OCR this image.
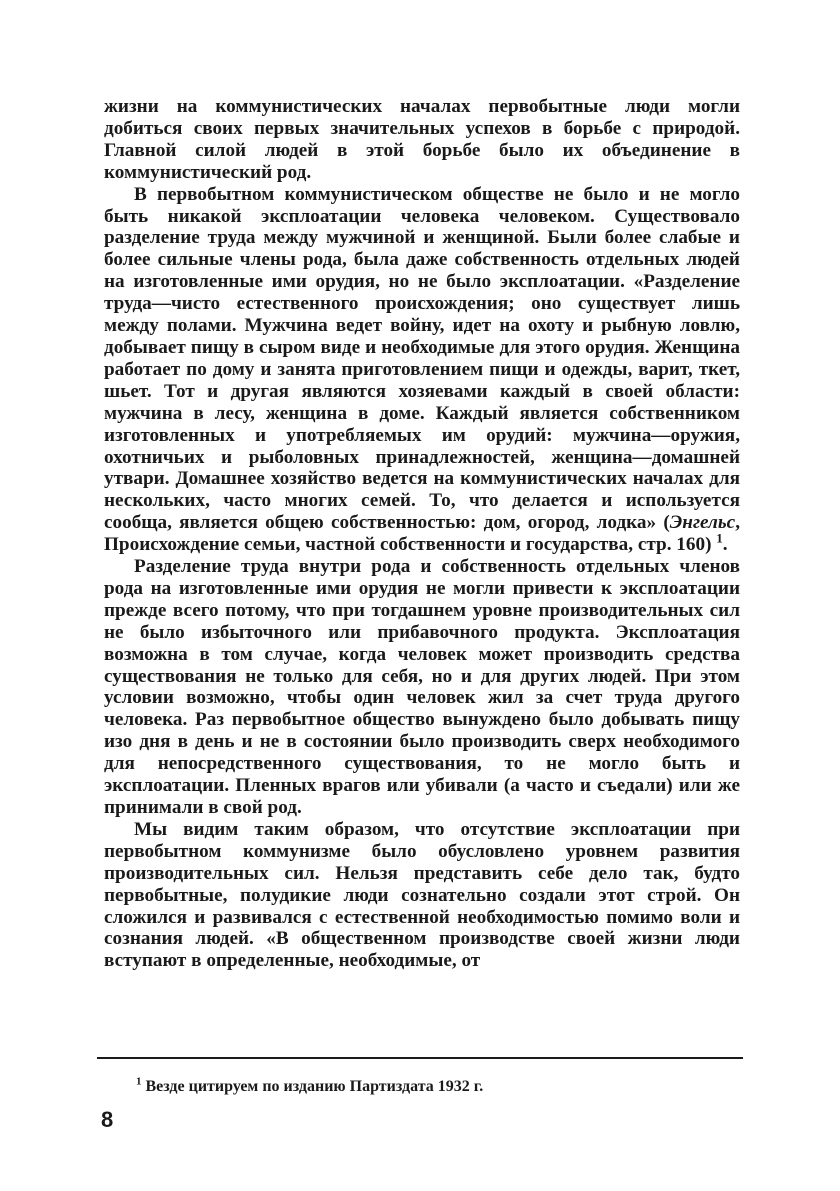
жизни на коммунистических началах первобытные люди могли добиться своих первых значительных успехов в борьбе с природой. Главной силой людей в этой борьбе было их объединение в коммунистический род.

В первобытном коммунистическом обществе не было и не могло быть никакой эксплоатации человека человеком. Существовало разделение труда между мужчиной и женщиной. Были более слабые и более сильные члены рода, была даже собственность отдельных людей на изготовленные ими орудия, но не было эксплоатации. «Разделение труда—чисто естественного происхождения; оно существует лишь между полами. Мужчина ведет войну, идет на охоту и рыбную ловлю, добывает пищу в сыром виде и необходимые для этого орудия. Женщина работает по дому и занята приготовлением пищи и одежды, варит, ткет, шьет. Тот и другая являются хозяевами каждый в своей области: мужчина в лесу, женщина в доме. Каждый является собственником изготовленных и употребляемых им орудий: мужчина—оружия, охотничьих и рыболовных принадлежностей, женщина—домашней утвари. Домашнее хозяйство ведется на коммунистических началах для нескольких, часто многих семей. То, что делается и используется сообща, является общею собственностью: дом, огород, лодка» (Энгельс, Происхождение семьи, частной собственности и государства, стр. 160) $^1$.

Разделение труда внутри рода и собственность отдельных членов рода на изготовленные ими орудия не могли привести к эксплоатации прежде всего потому, что при тогдашнем уровне производительных сил не было избыточного или прибавочного продукта. Эксплоатация возможна в том случае, когда человек может производить средства существования не только для себя, но и для других людей. При этом условии возможно, чтобы один человек жил за счет труда другого человека. Раз первобытное общество вынуждено было добывать пищу изо дня в день и не в состоянии было производить сверх необходимого для непосредственного существования, то не могло быть и эксплоатации. Пленных врагов или убивали (а часто и съедали) или же принимали в свой род.

Мы видим таким образом, что отсутствие эксплоатации при первобытном коммунизме было обусловлено уровнем развития производительных сил. Нельзя представить себе дело так, будто первобытные, полудикие люди сознательно создали этот строй. Он сложился и развивался с естественной необходимостью помимо воли и сознания людей. «В общественном производстве своей жизни люди вступают в определенные, необходимые, от

$^1$ Везде цитируем по изданию Партиздата 1932 г.
8
